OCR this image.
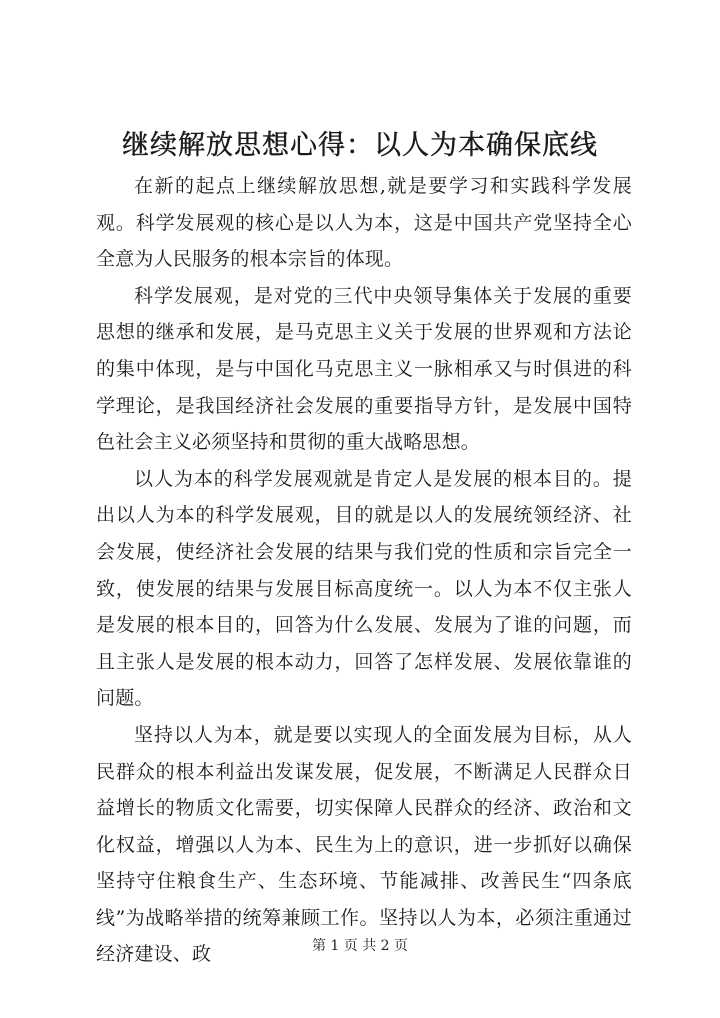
继续解放思想心得：以人为本确保底线

在新的起点上继续解放思想,就是要学习和实践科学发展观。科学发展观的核心是以人为本，这是中国共产党坚持全心全意为人民服务的根本宗旨的体现。

科学发展观，是对党的三代中央领导集体关于发展的重要思想的继承和发展，是马克思主义关于发展的世界观和方法论的集中体现，是与中国化马克思主义一脉相承又与时俱进的科学理论，是我国经济社会发展的重要指导方针，是发展中国特色社会主义必须坚持和贯彻的重大战略思想。

以人为本的科学发展观就是肯定人是发展的根本目的。提出以人为本的科学发展观，目的就是以人的发展统领经济、社会发展，使经济社会发展的结果与我们党的性质和宗旨完全一致，使发展的结果与发展目标高度统一。以人为本不仅主张人是发展的根本目的，回答为什么发展、发展为了谁的问题，而且主张人是发展的根本动力，回答了怎样发展、发展依靠谁的问题。

坚持以人为本，就是要以实现人的全面发展为目标，从人民群众的根本利益出发谋发展，促发展，不断满足人民群众日益增长的物质文化需要，切实保障人民群众的经济、政治和文化权益，增强以人为本、民生为上的意识，进一步抓好以确保坚持守住粮食生产、生态环境、节能减排、改善民生“四条底线”为战略举措的统筹兼顾工作。坚持以人为本，必须注重通过经济建设、政	第 1 页 共 2 页
